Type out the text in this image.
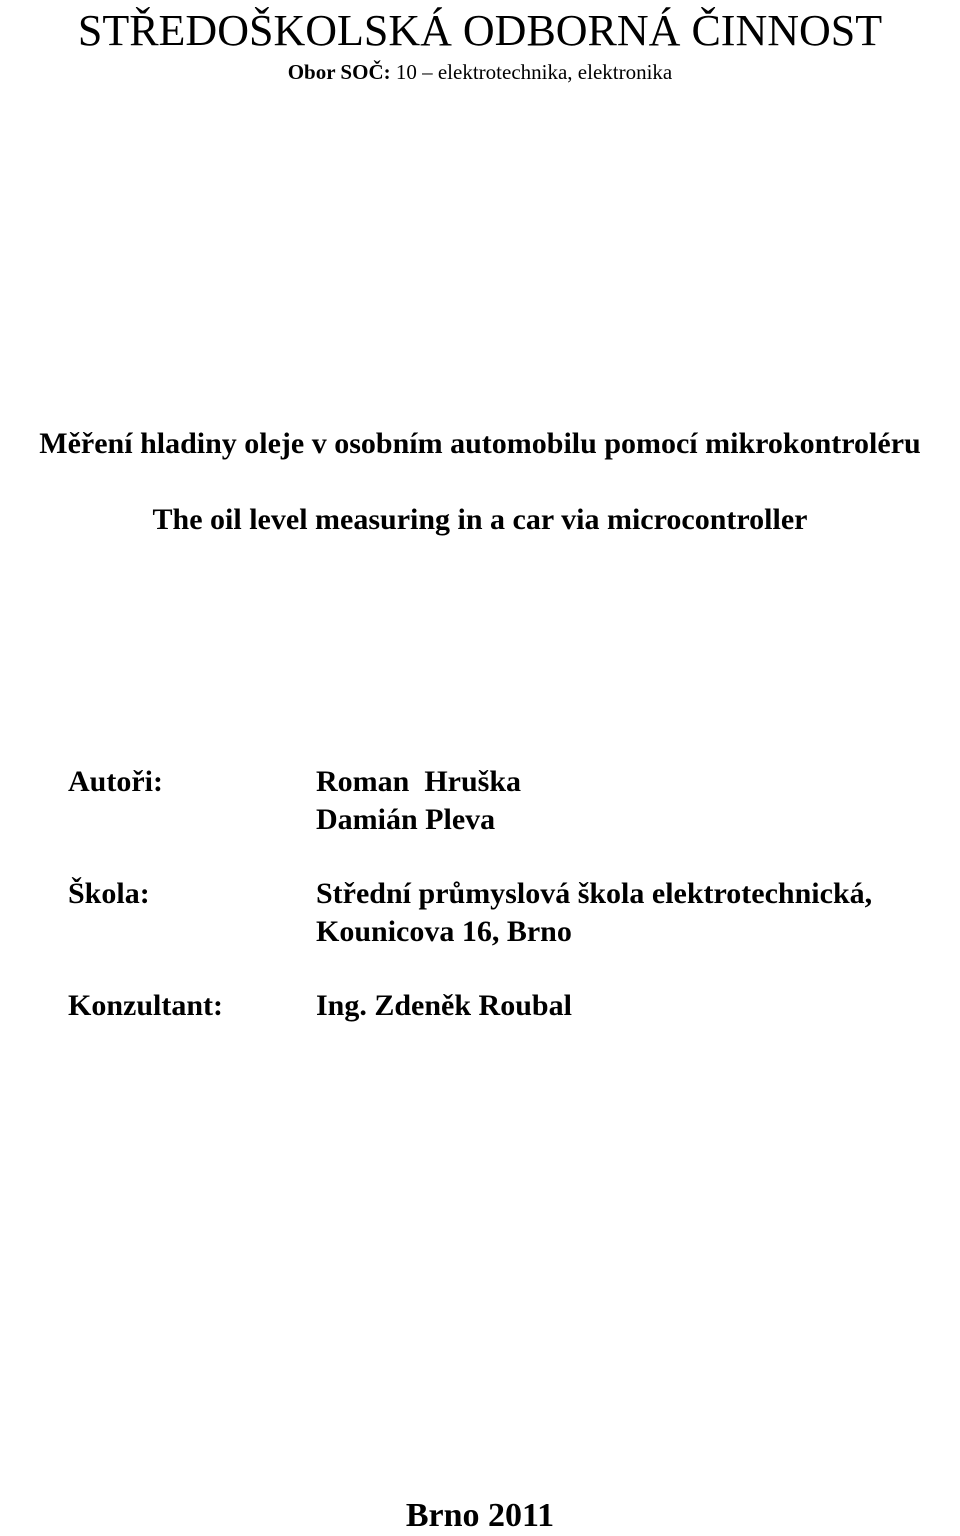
STŘEDOŠKOLSKÁ ODBORNÁ ČINNOST
Obor SOČ: 10 – elektrotechnika, elektronika
Měření hladiny oleje v osobním automobilu pomocí mikrokontroléru
The oil level measuring in a car via microcontroller
Autoři:	Roman  Hruška
Damián Pleva
Škola:	Střední průmyslová škola elektrotechnická,
Kounicova 16, Brno
Konzultant:	Ing. Zdeněk Roubal
Brno 2011
